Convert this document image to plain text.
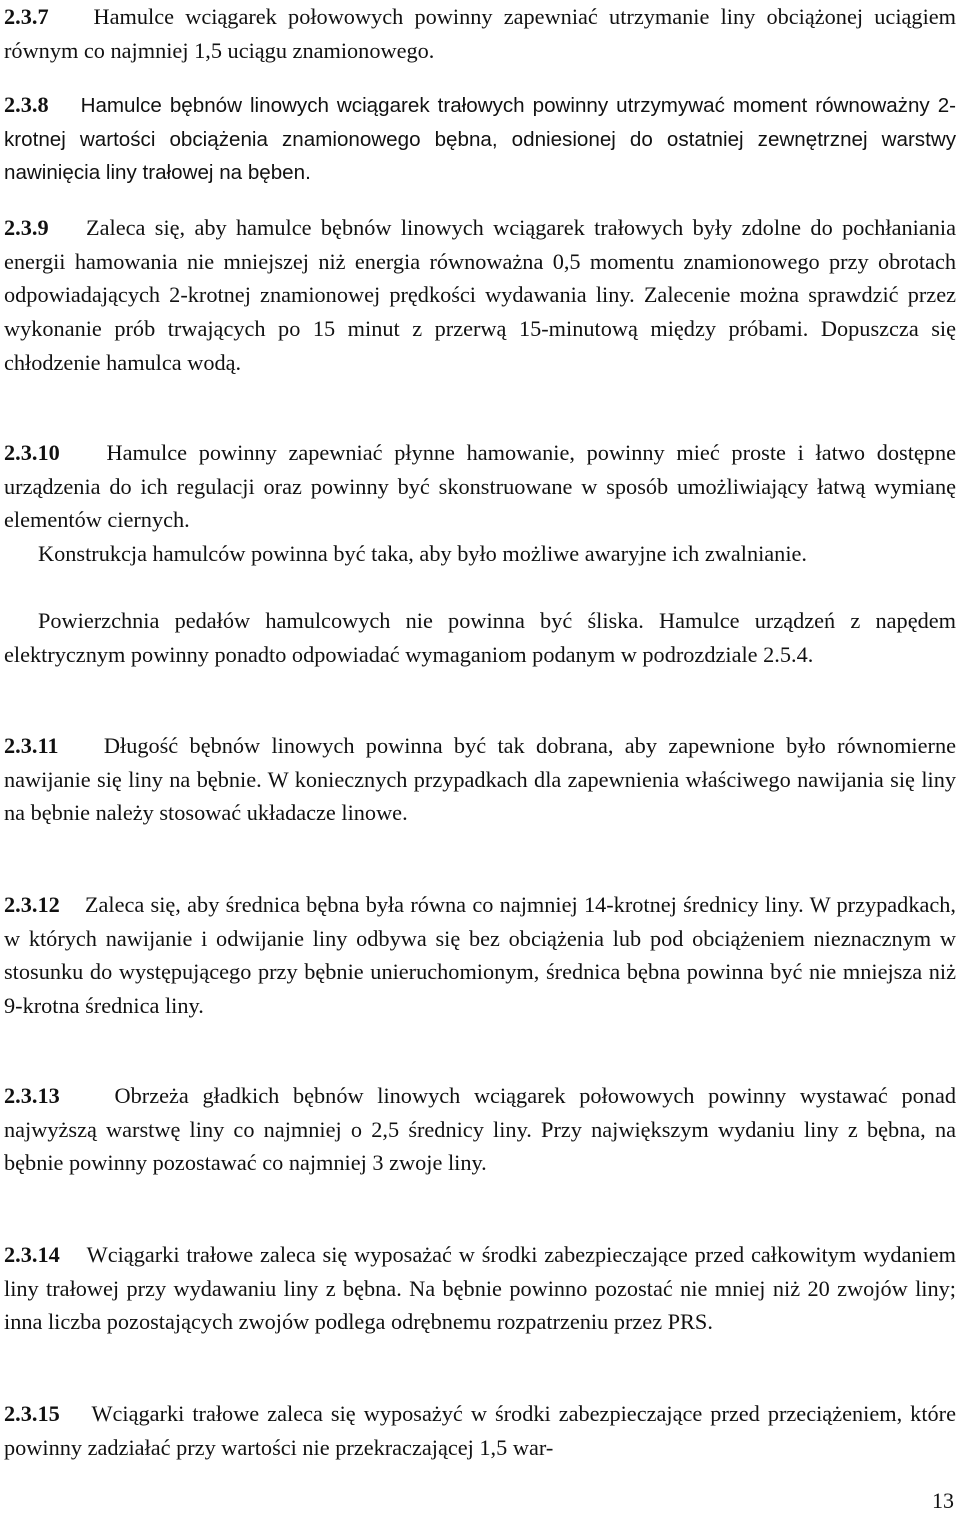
2.3.7 Hamulce wciągarek połowowych powinny zapewniać utrzymanie liny obciążonej uciągiem równym co najmniej 1,5 uciągu znamionowego.

2.3.8 Hamulce bębnów linowych wciągarek trałowych powinny utrzymywać moment równoważny 2-krotnej wartości obciążenia znamionowego bębna, odniesionej do ostatniej zewnętrznej warstwy nawinięcia liny trałowej na bęben.

2.3.9 Zaleca się, aby hamulce bębnów linowych wciągarek trałowych były zdolne do pochłaniania energii hamowania nie mniejszej niż energia równoważna 0,5 momentu znamionowego przy obrotach odpowiadających 2-krotnej znamionowej prędkości wydawania liny. Zalecenie można sprawdzić przez wykonanie prób trwających po 15 minut z przerwą 15-minutową między próbami. Dopuszcza się chłodzenie hamulca wodą.

2.3.10 Hamulce powinny zapewniać płynne hamowanie, powinny mieć proste i łatwo dostępne urządzenia do ich regulacji oraz powinny być skonstruowane w sposób umożliwiający łatwą wymianę elementów ciernych.

Konstrukcja hamulców powinna być taka, aby było możliwe awaryjne ich zwalnianie.

Powierzchnia pedałów hamulcowych nie powinna być śliska. Hamulce urządzeń z napędem elektrycznym powinny ponadto odpowiadać wymaganiom podanym w podrozdziale 2.5.4.

2.3.11 Długość bębnów linowych powinna być tak dobrana, aby zapewnione było równomierne nawijanie się liny na bębnie. W koniecznych przypadkach dla zapewnienia właściwego nawijania się liny na bębnie należy stosować układacze linowe.

2.3.12 Zaleca się, aby średnica bębna była równa co najmniej 14-krotnej średnicy liny. W przypadkach, w których nawijanie i odwijanie liny odbywa się bez obciążenia lub pod obciążeniem nieznacznym w stosunku do występującego przy bębnie unieruchomionym, średnica bębna powinna być nie mniejsza niż 9-krotna średnica liny.

2.3.13 Obrzeża gładkich bębnów linowych wciągarek połowowych powinny wystawać ponad najwyższą warstwę liny co najmniej o 2,5 średnicy liny. Przy największym wydaniu liny z bębna, na bębnie powinny pozostawać co najmniej 3 zwoje liny.

2.3.14 Wciągarki trałowe zaleca się wyposażać w środki zabezpieczające przed całkowitym wydaniem liny trałowej przy wydawaniu liny z bębna. Na bębnie powinno pozostać nie mniej niż 20 zwojów liny; inna liczba pozostających zwojów podlega odrębnemu rozpatrzeniu przez PRS.

2.3.15 Wciągarki trałowe zaleca się wyposażyć w środki zabezpieczające przed przeciążeniem, które powinny zadziałać przy wartości nie przekraczającej 1,5 war-

13
